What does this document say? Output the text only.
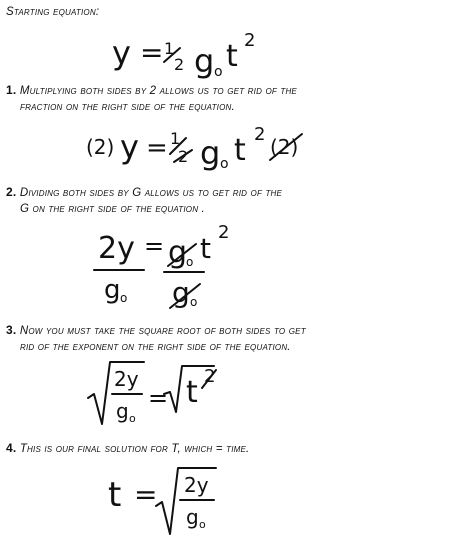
Starting equation:
y = 1
2 g o t 2
1. Multiplying both sides by 2 allows us to get rid of the
fraction on the right side of the equation.
(2) y = 1
2 g o t 2
(2)
2. Dividing both sides by G allows us to get rid of the
G on the right side of the equation .
2y
g o
= g
o t 2
g o
3. Now you must take the square root of both sides to get
rid of the exponent on the right side of the equation.
2y
g o
= t 2
4. This is our final solution for T, which = time.
t = 2y
g o
